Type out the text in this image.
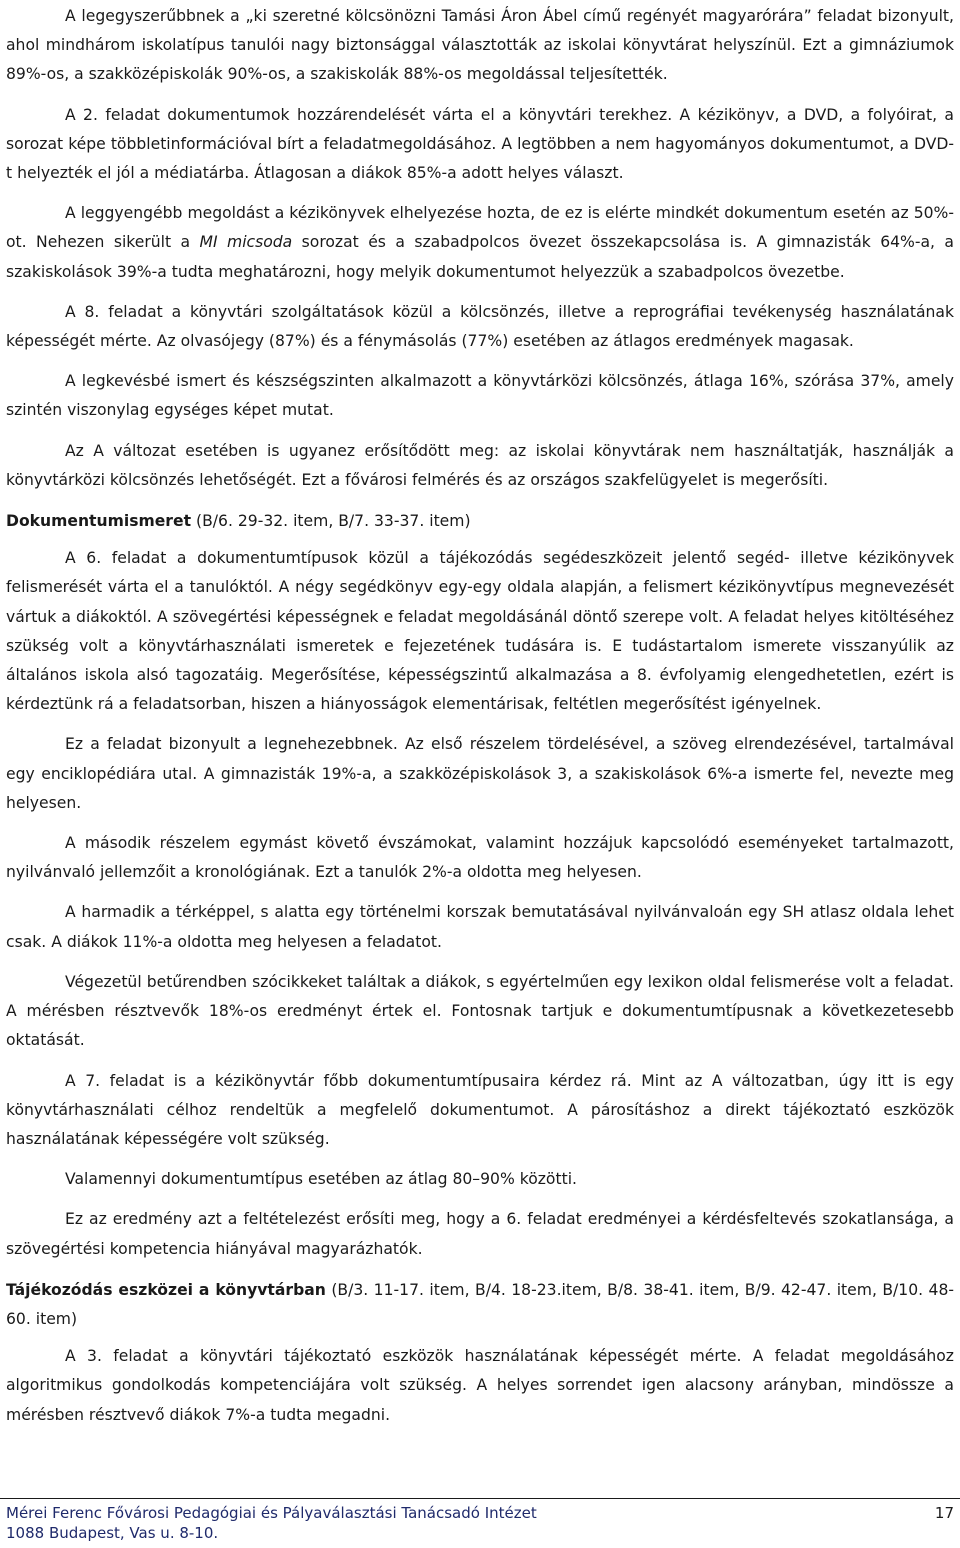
A legegyszerűbbnek a „ki szeretné kölcsönözni Tamási Áron Ábel című regényét magyarórára” feladat bizonyult, ahol mindhárom iskolatípus tanulói nagy biztonsággal választották az iskolai könyvtárat helyszínül. Ezt a gimnáziumok 89%-os, a szakközépiskolák 90%-os, a szakiskolák 88%-os megoldással teljesítették.

A 2. feladat dokumentumok hozzárendelését várta el a könyvtári terekhez. A kézikönyv, a DVD, a folyóirat, a sorozat képe többletinformációval bírt a feladatmegoldásához. A legtöbben a nem hagyományos dokumentumot, a DVD-t helyezték el jól a médiatárba. Átlagosan a diákok 85%-a adott helyes választ.

A leggyengébb megoldást a kézikönyvek elhelyezése hozta, de ez is elérte mindkét dokumentum esetén az 50%-ot. Nehezen sikerült a MI micsoda sorozat és a szabadpolcos övezet összekapcsolása is. A gimnazisták 64%-a, a szakiskolások 39%-a tudta meghatározni, hogy melyik dokumentumot helyezzük a szabadpolcos övezetbe.

A 8. feladat a könyvtári szolgáltatások közül a kölcsönzés, illetve a reprográfiai tevékenység használatának képességét mérte. Az olvasójegy (87%) és a fénymásolás (77%) esetében az átlagos eredmények magasak.

A legkevésbé ismert és készségszinten alkalmazott a könyvtárközi kölcsönzés, átlaga 16%, szórása 37%, amely szintén viszonylag egységes képet mutat.

Az A változat esetében is ugyanez erősítődött meg: az iskolai könyvtárak nem használtatják, használják a könyvtárközi kölcsönzés lehetőségét. Ezt a fővárosi felmérés és az országos szakfelügyelet is megerősíti.

Dokumentumismeret (B/6. 29-32. item, B/7. 33-37. item)

A 6. feladat a dokumentumtípusok közül a tájékozódás segédeszközeit jelentő segéd- illetve kézikönyvek felismerését várta el a tanulóktól. A négy segédkönyv egy-egy oldala alapján, a felismert kézikönyvtípus megnevezését vártuk a diákoktól. A szövegértési képességnek e feladat megoldásánál döntő szerepe volt. A feladat helyes kitöltéséhez szükség volt a könyvtárhasználati ismeretek e fejezetének tudására is. E tudástartalom ismerete visszanyúlik az általános iskola alsó tagozatáig. Megerősítése, képességszintű alkalmazása a 8. évfolyamig elengedhetetlen, ezért is kérdeztünk rá a feladatsorban, hiszen a hiányosságok elementárisak, feltétlen megerősítést igényelnek.

Ez a feladat bizonyult a legnehezebbnek. Az első részelem tördelésével, a szöveg elrendezésével, tartalmával egy enciklopédiára utal. A gimnazisták 19%-a, a szakközépiskolások 3, a szakiskolások 6%-a ismerte fel, nevezte meg helyesen.

A második részelem egymást követő évszámokat, valamint hozzájuk kapcsolódó eseményeket tartalmazott, nyilvánvaló jellemzőit a kronológiának. Ezt a tanulók 2%-a oldotta meg helyesen.

A harmadik a térképpel, s alatta egy történelmi korszak bemutatásával nyilvánvaloán egy SH atlasz oldala lehet csak. A diákok 11%-a oldotta meg helyesen a feladatot.

Végezetül betűrendben szócikkeket találtak a diákok, s egyértelműen egy lexikon oldal felismerése volt a feladat. A mérésben résztvevők 18%-os eredményt értek el. Fontosnak tartjuk e dokumentumtípusnak a következetesebb oktatását.

A 7. feladat is a kézikönyvtár főbb dokumentumtípusaira kérdez rá. Mint az A változatban, úgy itt is egy könyvtárhasználati célhoz rendeltük a megfelelő dokumentumot. A párosításhoz a direkt tájékoztató eszközök használatának képességére volt szükség.

Valamennyi dokumentumtípus esetében az átlag 80–90% közötti.

Ez az eredmény azt a feltételezést erősíti meg, hogy a 6. feladat eredményei a kérdésfeltevés szokatlansága, a szövegértési kompetencia hiányával magyarázhatók.

Tájékozódás eszközei a könyvtárban (B/3. 11-17. item, B/4. 18-23.item, B/8. 38-41. item, B/9. 42-47. item, B/10. 48-60. item)

A 3. feladat a könyvtári tájékoztató eszközök használatának képességét mérte. A feladat megoldásához algoritmikus gondolkodás kompetenciájára volt szükség. A helyes sorrendet igen alacsony arányban, mindössze a mérésben résztvevő diákok 7%-a tudta megadni.

Mérei Ferenc Fővárosi Pedagógiai és Pályaválasztási Tanácsadó Intézet	17
1088 Budapest, Vas u. 8-10.
